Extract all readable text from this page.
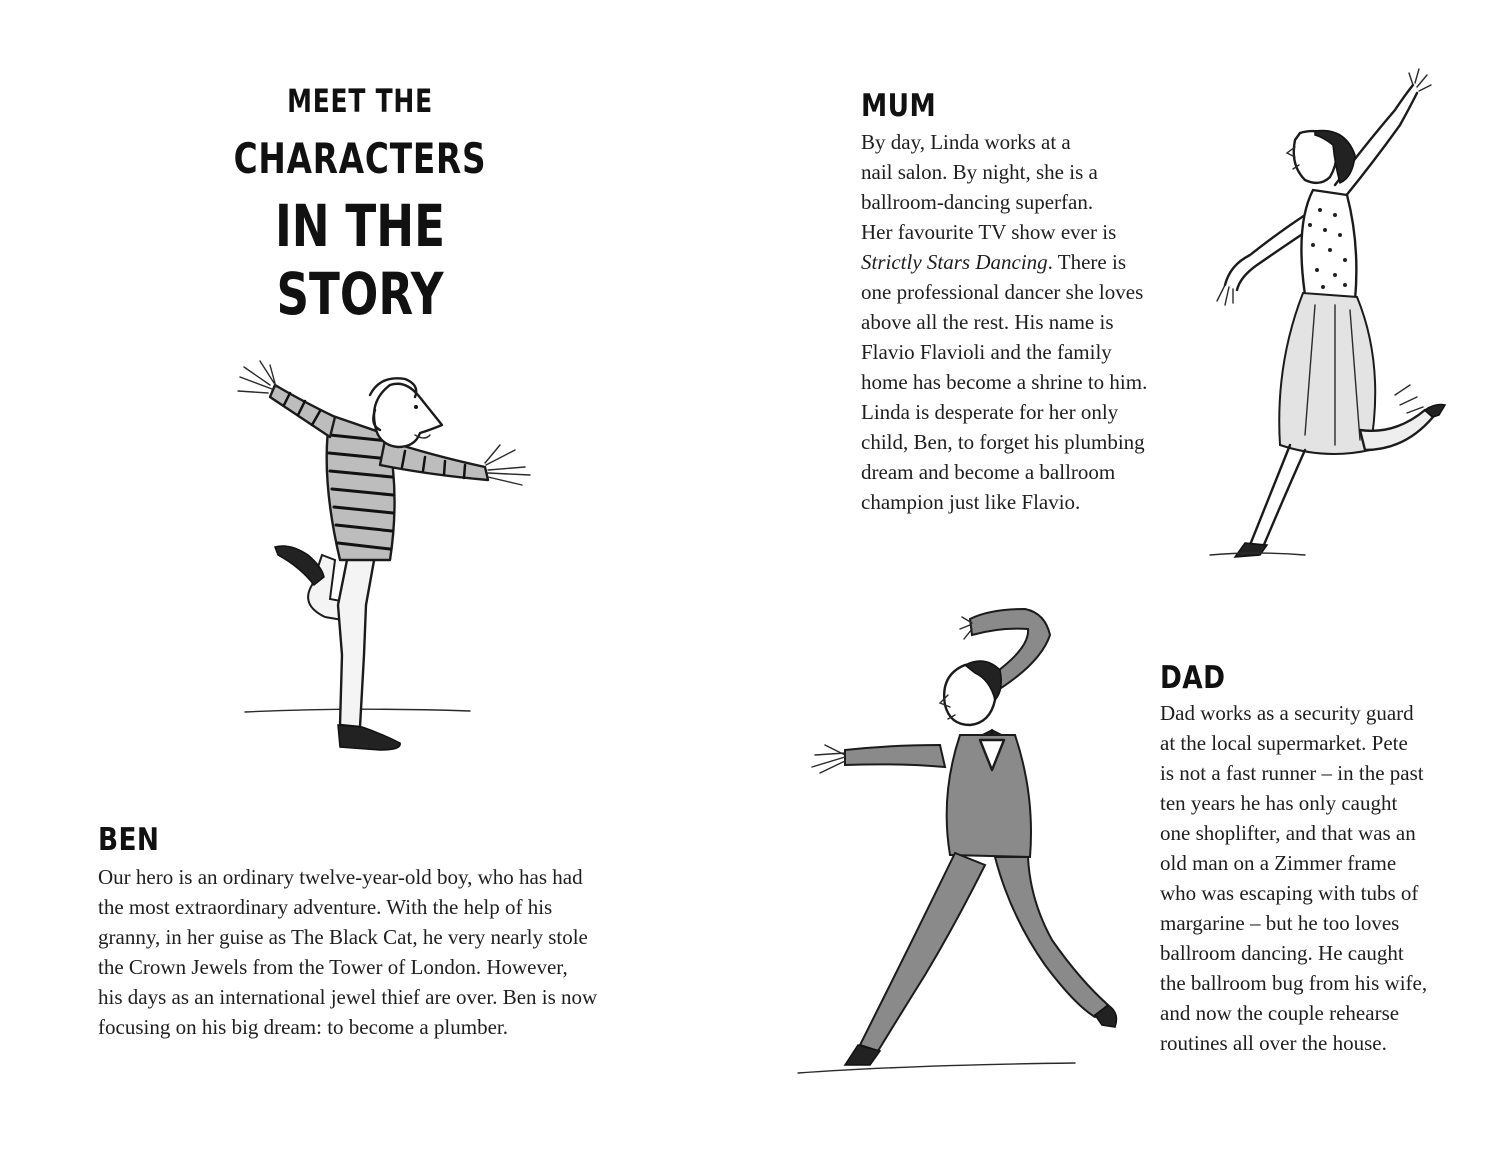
MEET THE
CHARACTERS
IN THE STORY
BEN

Our hero is an ordinary twelve-year-old boy, who has had
the most extraordinary adventure. With the help of his
granny, in her guise as The Black Cat, he very nearly stole
the Crown Jewels from the Tower of London. However,
his days as an international jewel thief are over. Ben is now
focusing on his big dream: to become a plumber.

MUM

By day, Linda works at a
nail salon. By night, she is a
ballroom-dancing superfan.
Her favourite TV show ever is
Strictly Stars Dancing. There is
one professional dancer she loves
above all the rest. His name is
Flavio Flavioli and the family
home has become a shrine to him.
Linda is desperate for her only
child, Ben, to forget his plumbing
dream and become a ballroom
champion just like Flavio.

DAD

Dad works as a security guard
at the local supermarket. Pete
is not a fast runner – in the past
ten years he has only caught
one shoplifter, and that was an
old man on a Zimmer frame
who was escaping with tubs of
margarine – but he too loves
ballroom dancing. He caught
the ballroom bug from his wife,
and now the couple rehearse
routines all over the house.
